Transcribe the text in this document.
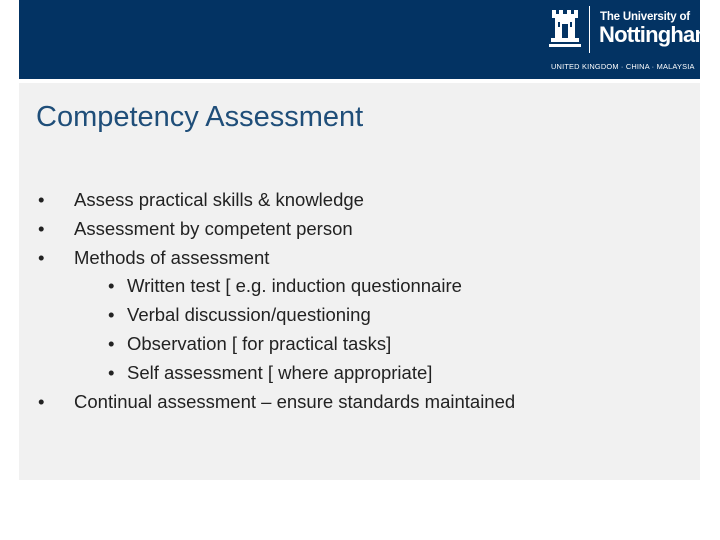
The University of
Nottingham
UNITED KINGDOM · CHINA · MALAYSIA
Competency Assessment
• Assess practical skills & knowledge
• Assessment by competent person
• Methods of assessment
• Written test [ e.g. induction questionnaire
• Verbal discussion/questioning
• Observation [ for practical tasks]
• Self assessment [ where appropriate]
• Continual assessment – ensure standards maintained
